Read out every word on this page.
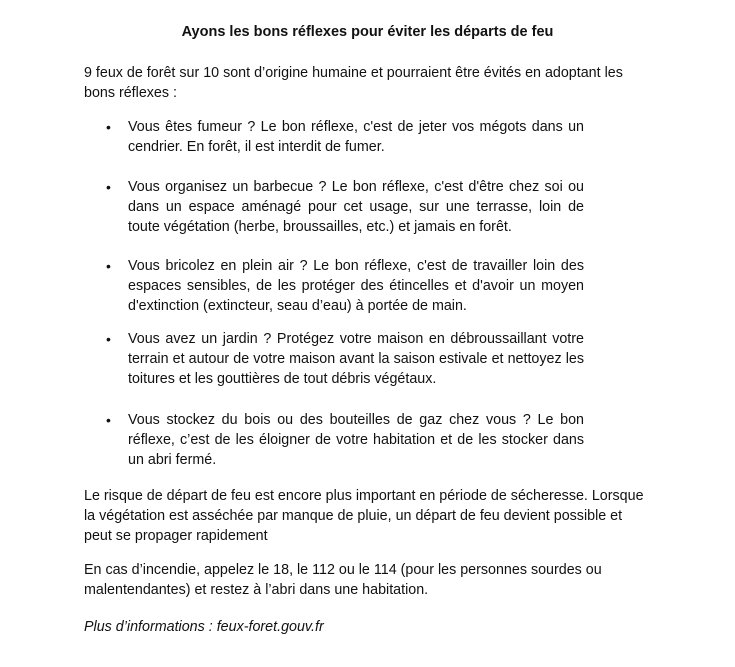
Ayons les bons réflexes pour éviter les départs de feu
9 feux de forêt sur 10 sont d’origine humaine et pourraient être évités en adoptant les bons réflexes :
• Vous êtes fumeur ? Le bon réflexe, c'est de jeter vos mégots dans un cendrier. En forêt, il est interdit de fumer.
• Vous organisez un barbecue ? Le bon réflexe, c'est d'être chez soi ou dans un espace aménagé pour cet usage, sur une terrasse, loin de toute végétation (herbe, broussailles, etc.) et jamais en forêt.
• Vous bricolez en plein air ? Le bon réflexe, c'est de travailler loin des espaces sensibles, de les protéger des étincelles et d'avoir un moyen d'extinction (extincteur, seau d’eau) à portée de main.
• Vous avez un jardin ? Protégez votre maison en débroussaillant votre terrain et autour de votre maison avant la saison estivale et nettoyez les toitures et les gouttières de tout débris végétaux.
• Vous stockez du bois ou des bouteilles de gaz chez vous ? Le bon réflexe, c’est de les éloigner de votre habitation et de les stocker dans un abri fermé.
Le risque de départ de feu est encore plus important en période de sécheresse. Lorsque la végétation est asséchée par manque de pluie, un départ de feu devient possible et peut se propager rapidement
En cas d’incendie, appelez le 18, le 112 ou le 114 (pour les personnes sourdes ou malentendantes) et restez à l’abri dans une habitation.
Plus d’informations : feux-foret.gouv.fr
